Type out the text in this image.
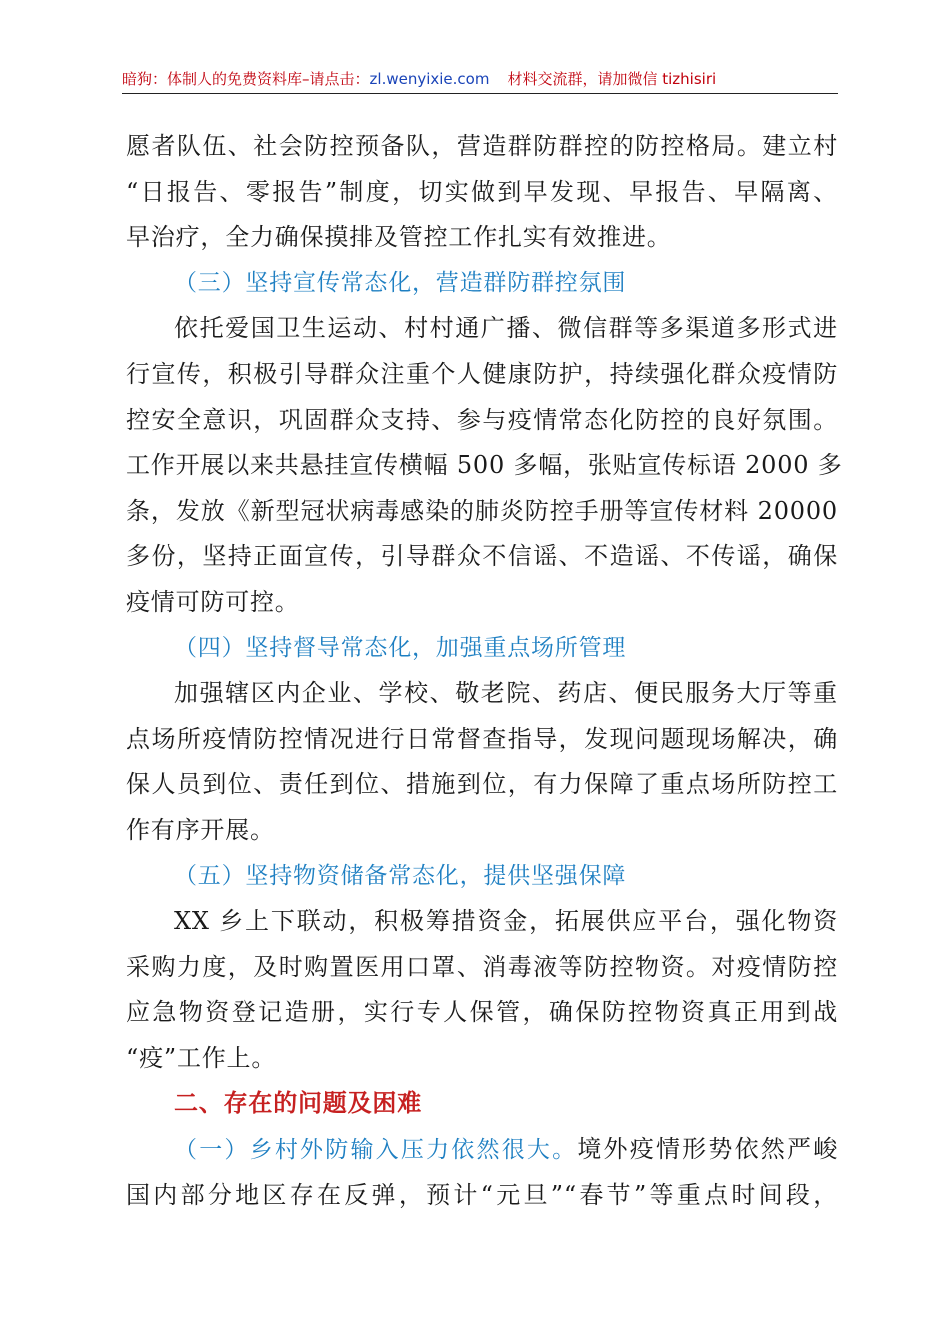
暗狗：体制人的免费资料库–请点击：zl.wenyixie.com 材料交流群，请加微信 tizhisiri
愿者队伍、社会防控预备队，营造群防群控的防控格局。建立村
“日报告、零报告”制度，切实做到早发现、早报告、早隔离、
早治疗，全力确保摸排及管控工作扎实有效推进。
（三）坚持宣传常态化，营造群防群控氛围
依托爱国卫生运动、村村通广播、微信群等多渠道多形式进
行宣传，积极引导群众注重个人健康防护，持续强化群众疫情防
控安全意识，巩固群众支持、参与疫情常态化防控的良好氛围。
工作开展以来共悬挂宣传横幅 500 多幅，张贴宣传标语 2000 多
条，发放《新型冠状病毒感染的肺炎防控手册等宣传材料 20000
多份，坚持正面宣传，引导群众不信谣、不造谣、不传谣，确保
疫情可防可控。
（四）坚持督导常态化，加强重点场所管理
加强辖区内企业、学校、敬老院、药店、便民服务大厅等重
点场所疫情防控情况进行日常督查指导，发现问题现场解决，确
保人员到位、责任到位、措施到位，有力保障了重点场所防控工
作有序开展。
（五）坚持物资储备常态化，提供坚强保障
XX 乡上下联动，积极筹措资金，拓展供应平台，强化物资
采购力度，及时购置医用口罩、消毒液等防控物资。对疫情防控
应急物资登记造册，实行专人保管，确保防控物资真正用到战
“疫”工作上。
二、存在的问题及困难
（一）乡村外防输入压力依然很大。境外疫情形势依然严峻
国内部分地区存在反弹，预计“元旦”“春节”等重点时间段，
